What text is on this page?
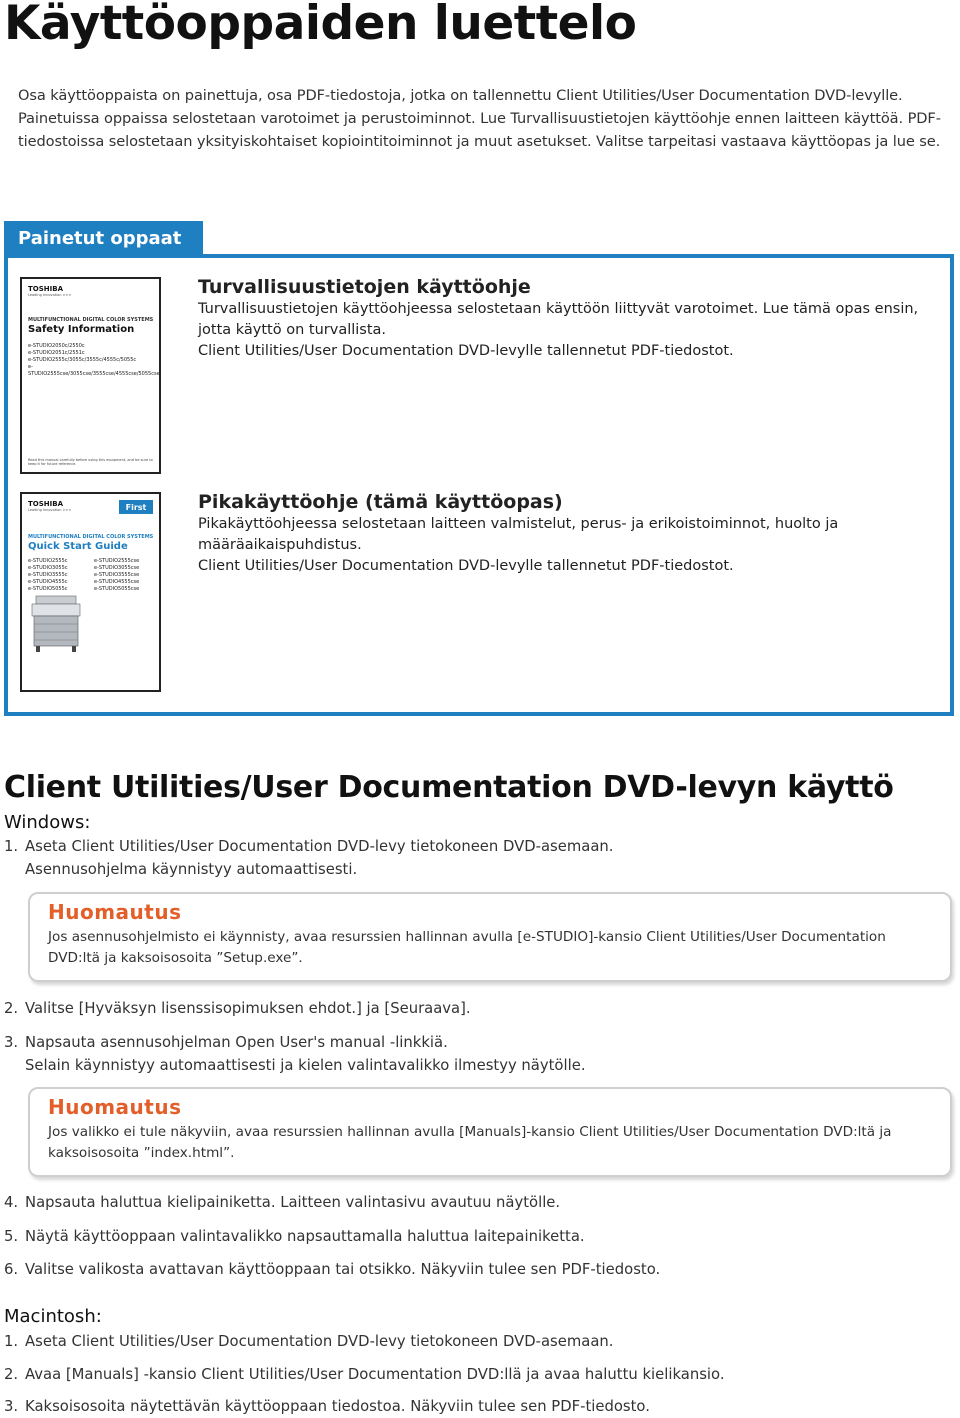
Käyttöoppaiden luettelo

Osa käyttöoppaista on painettuja, osa PDF-tiedostoja, jotka on tallennettu Client Utilities/User Documentation DVD-levylle. Painetuissa oppaissa selostetaan varotoimet ja perustoiminnot. Lue Turvallisuustietojen käyttöohje ennen laitteen käyttöä. PDF-tiedostoissa selostetaan yksityiskohtaiset kopiointitoiminnot ja muut asetukset. Valitse tarpeitasi vastaava käyttöopas ja lue se.

Painetut oppaat
TOSHIBA
Leading Innovation >>>
MULTIFUNCTIONAL DIGITAL COLOR SYSTEMS
Safety Information
e-STUDIO2050c/2550c
e-STUDIO2051c/2551c
e-STUDIO2555c/3055c/3555c/4555c/5055c
e-STUDIO2555cse/3055cse/3555cse/4555cse/5055cse
Read this manual carefully before using this equipment, and be sure to keep it for future reference.
Turvallisuustietojen käyttöohje
Turvallisuustietojen käyttöohjeessa selostetaan käyttöön liittyvät varotoimet. Lue tämä opas ensin, jotta käyttö on turvallista.
Client Utilities/User Documentation DVD-levylle tallennetut PDF-tiedostot.
TOSHIBA
Leading Innovation >>>	First
MULTIFUNCTIONAL DIGITAL COLOR SYSTEMS
Quick Start Guide
e-STUDIO2555c
e-STUDIO3055c
e-STUDIO3555c
e-STUDIO4555c
e-STUDIO5055c
e-STUDIO2555cse
e-STUDIO3055cse
e-STUDIO3555cse
e-STUDIO4555cse
e-STUDIO5055cse
Pikakäyttöohje (tämä käyttöopas)
Pikakäyttöohjeessa selostetaan laitteen valmistelut, perus- ja erikoistoiminnot, huolto ja määräaikaispuhdistus.
Client Utilities/User Documentation DVD-levylle tallennetut PDF-tiedostot.
Client Utilities/User Documentation DVD-levyn käyttö
Windows:
1. Aseta Client Utilities/User Documentation DVD-levy tietokoneen DVD-asemaan.
Asennusohjelma käynnistyy automaattisesti.
Huomautus
Jos asennusohjelmisto ei käynnisty, avaa resurssien hallinnan avulla [e-STUDIO]-kansio Client Utilities/User Documentation DVD:ltä ja kaksoisosoita ”Setup.exe”.
2. Valitse [Hyväksyn lisenssisopimuksen ehdot.] ja [Seuraava].
3. Napsauta asennusohjelman Open User's manual -linkkiä.
Selain käynnistyy automaattisesti ja kielen valintavalikko ilmestyy näytölle.
Huomautus
Jos valikko ei tule näkyviin, avaa resurssien hallinnan avulla [Manuals]-kansio Client Utilities/User Documentation DVD:ltä ja kaksoisosoita ”index.html”.
4. Napsauta haluttua kielipainiketta. Laitteen valintasivu avautuu näytölle.
5. Näytä käyttöoppaan valintavalikko napsauttamalla haluttua laitepainiketta.
6. Valitse valikosta avattavan käyttöoppaan tai otsikko. Näkyviin tulee sen PDF-tiedosto.
Macintosh:
1. Aseta Client Utilities/User Documentation DVD-levy tietokoneen DVD-asemaan.
2. Avaa [Manuals] -kansio Client Utilities/User Documentation DVD:llä ja avaa haluttu kielikansio.
3. Kaksoisosoita näytettävän käyttöoppaan tiedostoa. Näkyviin tulee sen PDF-tiedosto.
